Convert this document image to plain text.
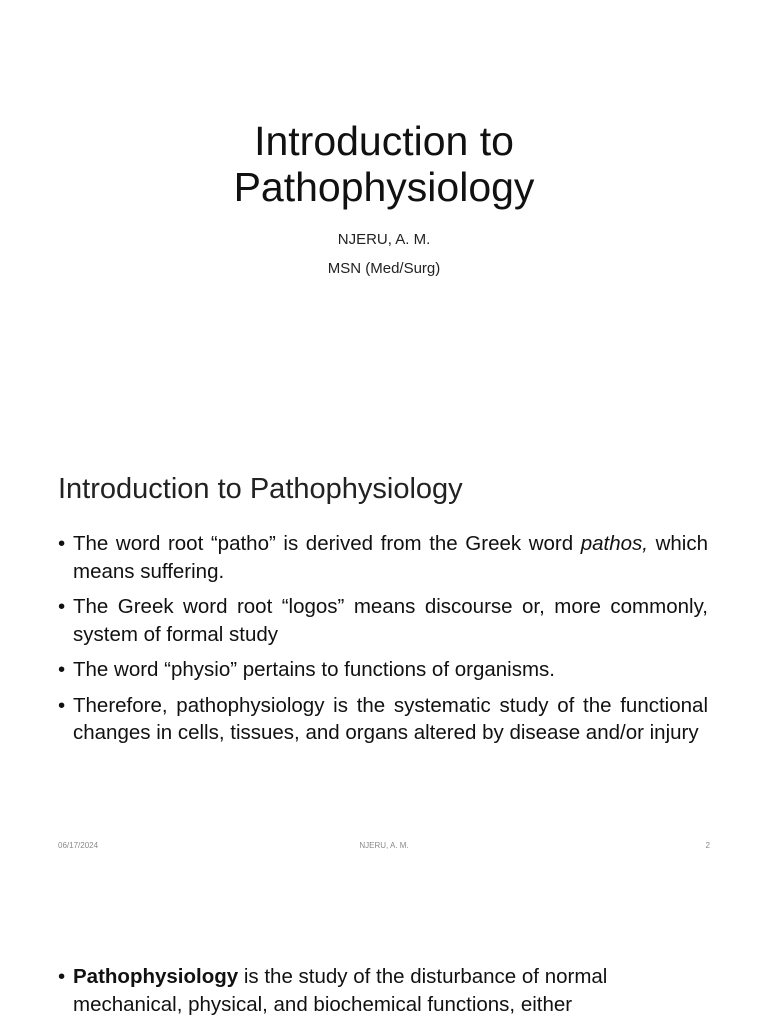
Introduction to
Pathophysiology
NJERU, A. M.
MSN (Med/Surg)
Introduction to Pathophysiology
• The word root “patho” is derived from the Greek word pathos, which means suffering.
• The Greek word root “logos” means discourse or, more commonly, system of formal study
• The word “physio” pertains to functions of organisms.
• Therefore, pathophysiology is the systematic study of the functional changes in cells, tissues, and organs altered by disease and/or injury
06/17/2024	NJERU, A. M.	2
• Pathophysiology is the study of the disturbance of normal mechanical, physical, and biochemical functions, either
